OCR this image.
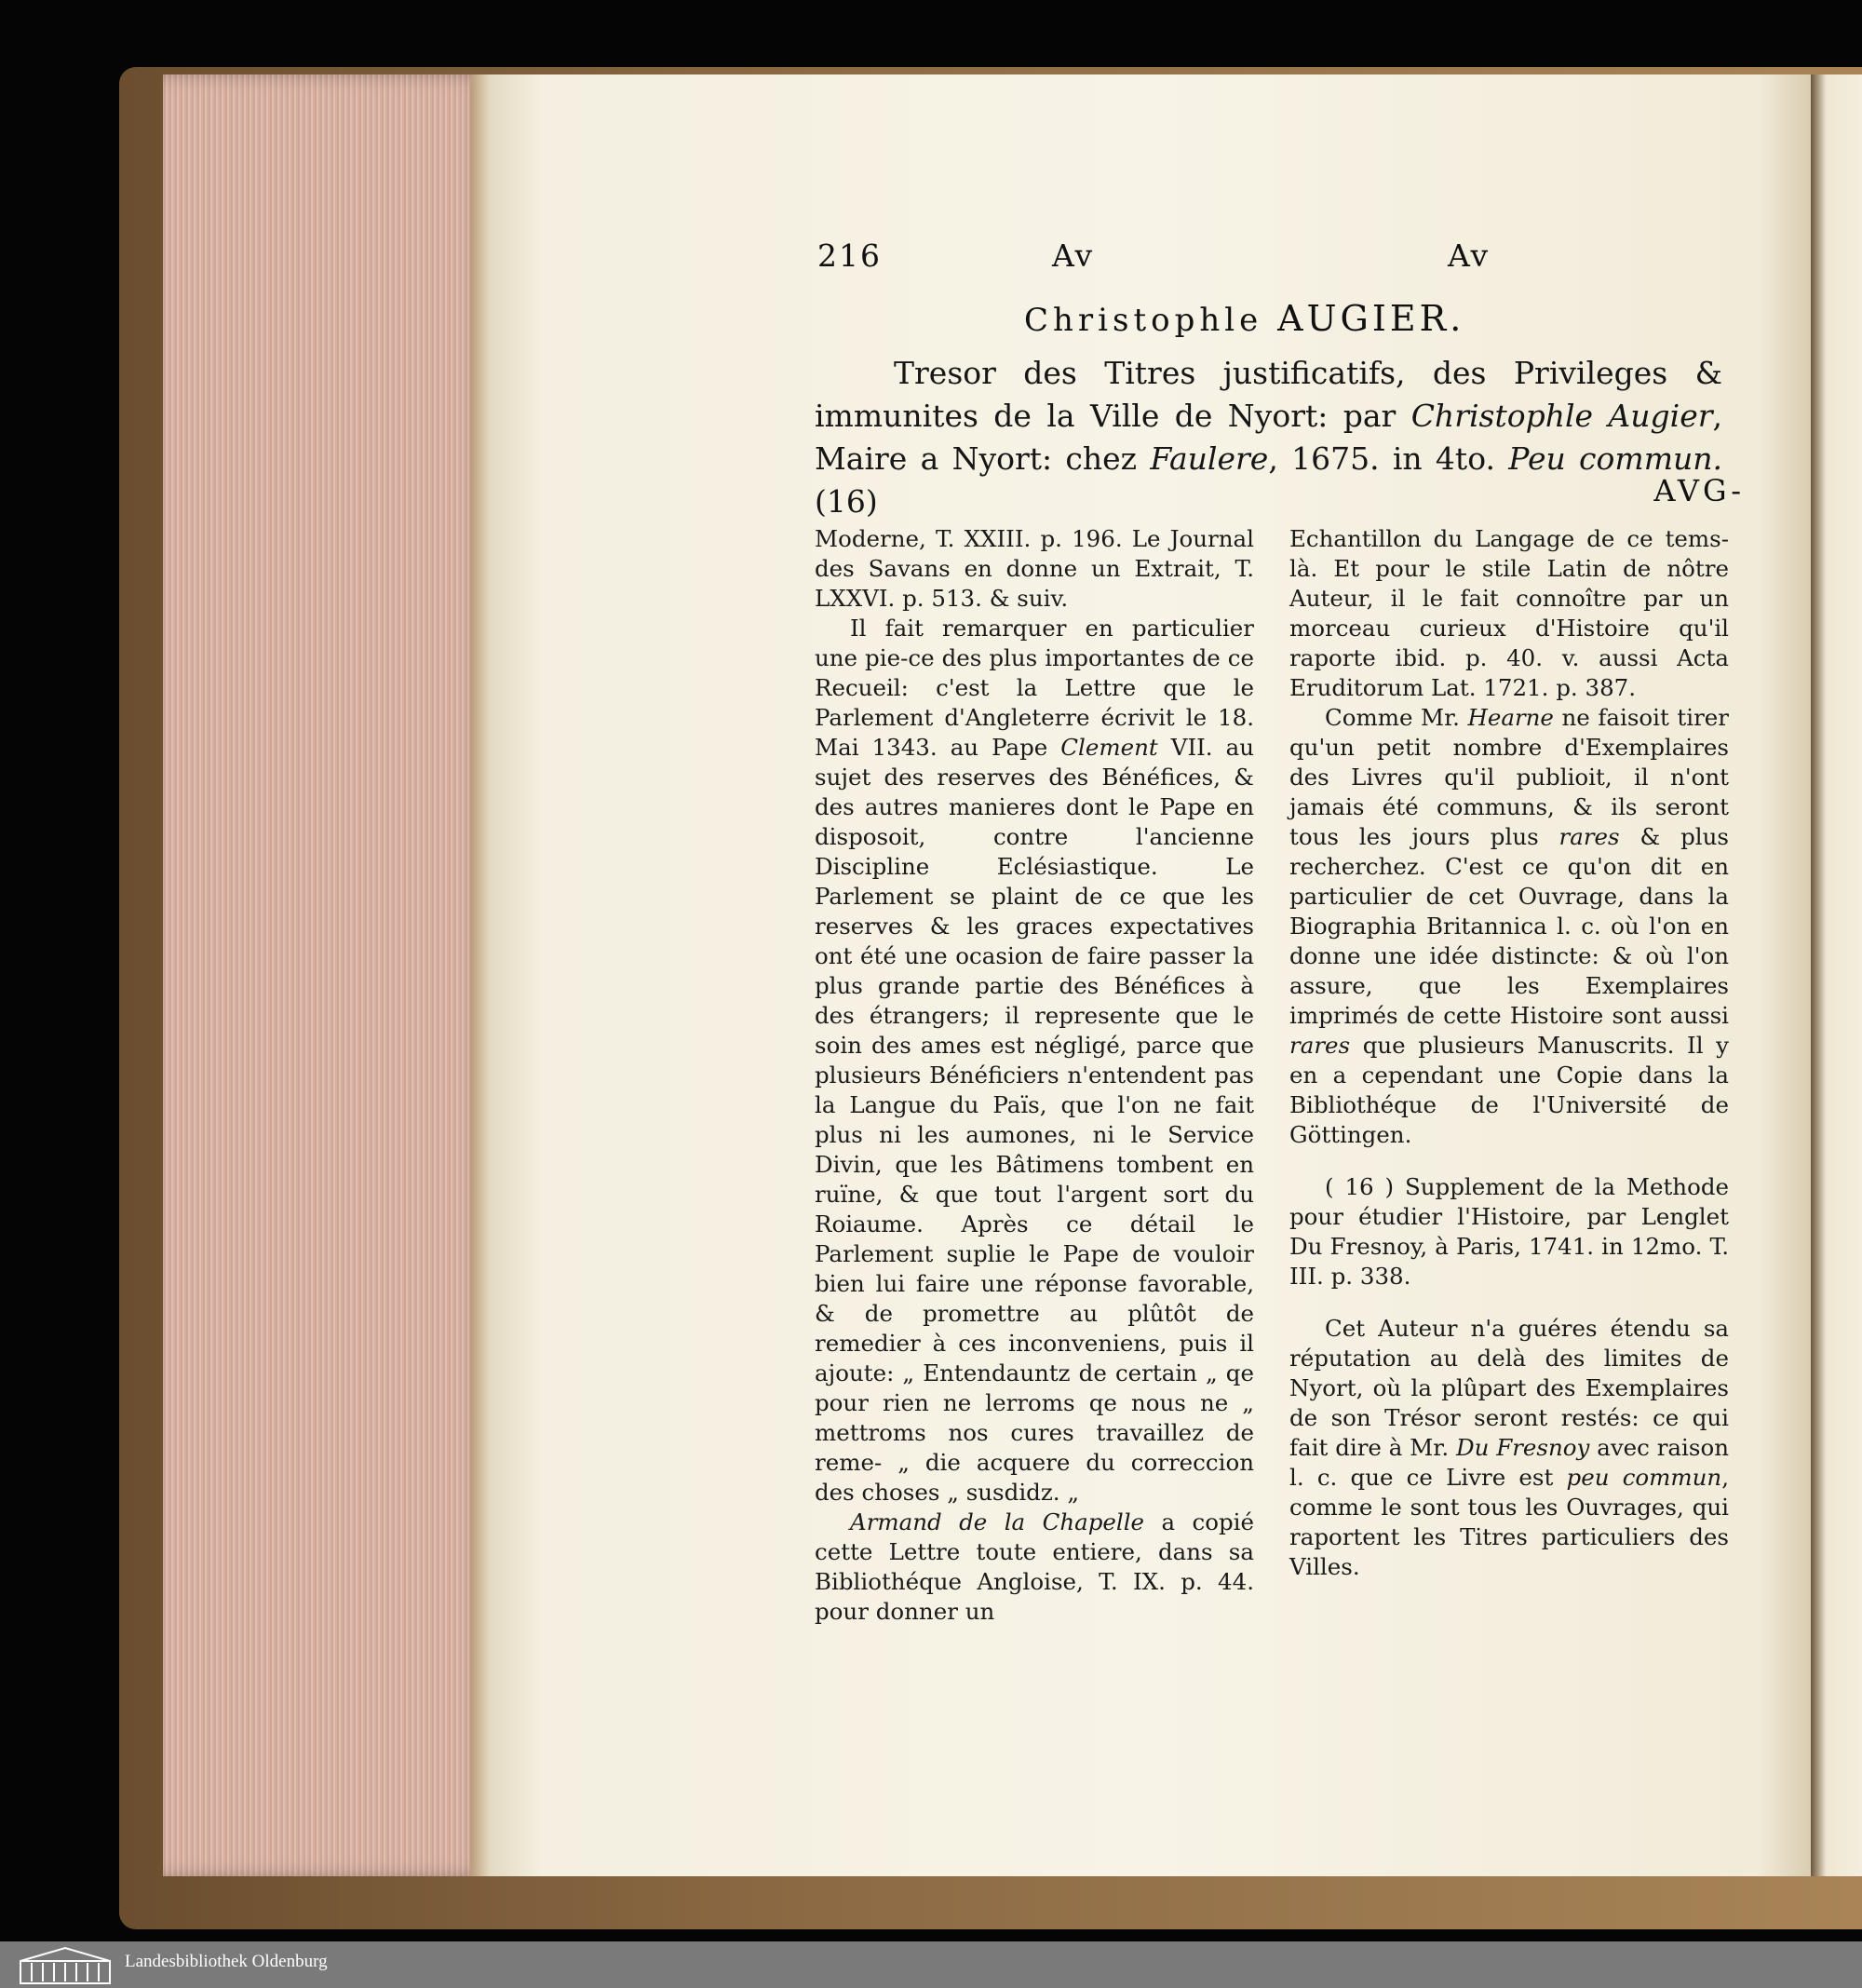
216	Av	Av
Christophle AUGIER.

Tresor des Titres justificatifs, des Privileges & immunites de la Ville de Nyort: par Christophle Augier, Maire a Nyort: chez Faulere, 1675. in 4to. Peu commun. (16)	AVG-

Moderne, T. XXIII. p. 196. Le Journal des Savans en donne un Extrait, T. LXXVI. p. 513. & suiv.

Il fait remarquer en particulier une pie-ce des plus importantes de ce Recueil: c'est la Lettre que le Parlement d'Angleterre écrivit le 18. Mai 1343. au Pape Clement VII. au sujet des reserves des Bénéfices, & des autres manieres dont le Pape en disposoit, contre l'ancienne Discipline Eclésiastique. Le Parlement se plaint de ce que les reserves & les graces expectatives ont été une ocasion de faire passer la plus grande partie des Bénéfices à des étrangers; il represente que le soin des ames est négligé, parce que plusieurs Bénéficiers n'entendent pas la Langue du Païs, que l'on ne fait plus ni les aumones, ni le Service Divin, que les Bâtimens tombent en ruïne, & que tout l'argent sort du Roiaume. Après ce détail le Parlement suplie le Pape de vouloir bien lui faire une réponse favorable, & de promettre au plûtôt de remedier à ces inconveniens, puis il ajoute: „ Entendauntz de certain „ qe pour rien ne lerroms qe nous ne „ mettroms nos cures travaillez de reme- „ die acquere du correccion des choses „ susdidz. „

Armand de la Chapelle a copié cette Lettre toute entiere, dans sa Bibliothéque Angloise, T. IX. p. 44. pour donner un

Echantillon du Langage de ce tems-là. Et pour le stile Latin de nôtre Auteur, il le fait connoître par un morceau curieux d'Histoire qu'il raporte ibid. p. 40. v. aussi Acta Eruditorum Lat. 1721. p. 387.

Comme Mr. Hearne ne faisoit tirer qu'un petit nombre d'Exemplaires des Livres qu'il publioit, il n'ont jamais été communs, & ils seront tous les jours plus rares & plus recherchez. C'est ce qu'on dit en particulier de cet Ouvrage, dans la Biographia Britannica l. c. où l'on en donne une idée distincte: & où l'on assure, que les Exemplaires imprimés de cette Histoire sont aussi rares que plusieurs Manuscrits. Il y en a cependant une Copie dans la Bibliothéque de l'Université de Göttingen.

( 16 ) Supplement de la Methode pour étudier l'Histoire, par Lenglet Du Fresnoy, à Paris, 1741. in 12mo. T. III. p. 338.

Cet Auteur n'a guéres étendu sa réputation au delà des limites de Nyort, où la plûpart des Exemplaires de son Trésor seront restés: ce qui fait dire à Mr. Du Fresnoy avec raison l. c. que ce Livre est peu commun, comme le sont tous les Ouvrages, qui raportent les Titres particuliers des Villes.

Landesbibliothek Oldenburg
